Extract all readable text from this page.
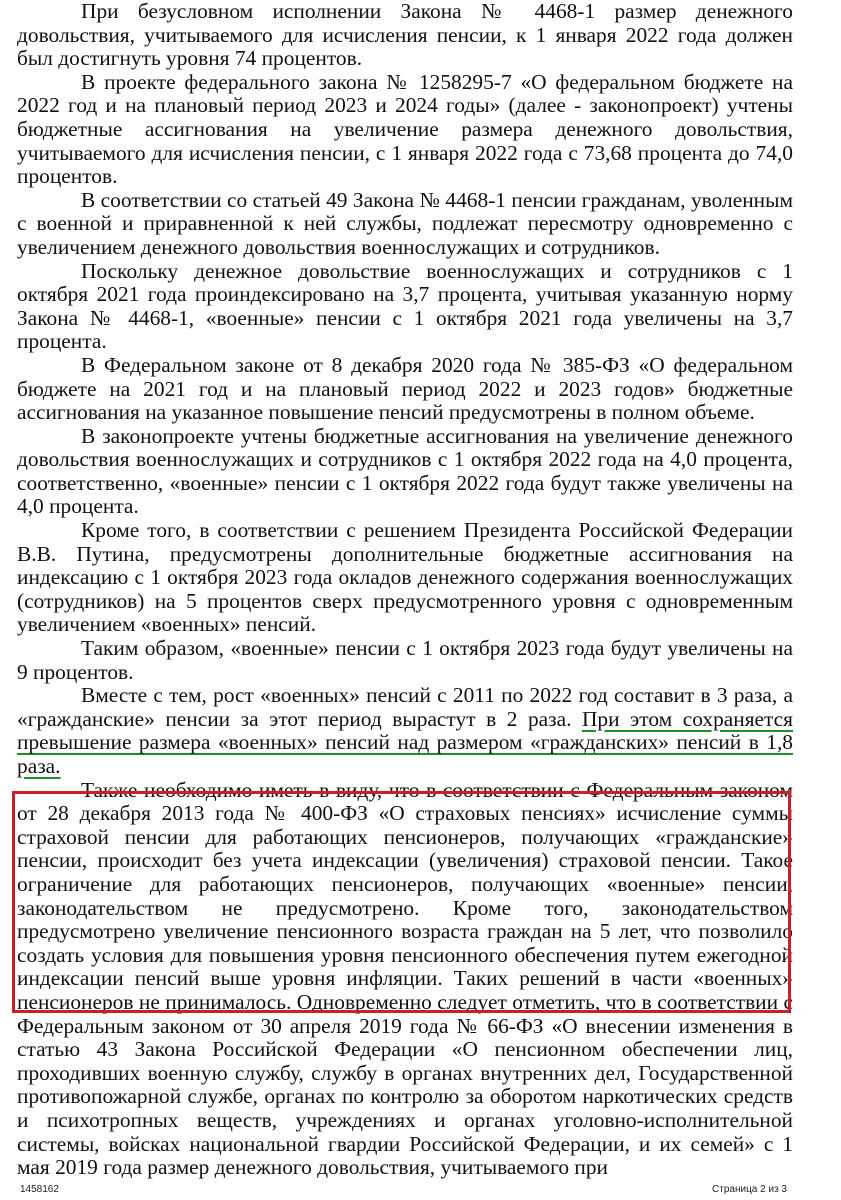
При безусловном исполнении Закона № 4468-1 размер денежного довольствия, учитываемого для исчисления пенсии, к 1 января 2022 года должен был достигнуть уровня 74 процентов.

В проекте федерального закона № 1258295-7 «О федеральном бюджете на 2022 год и на плановый период 2023 и 2024 годы» (далее - законопроект) учтены бюджетные ассигнования на увеличение размера денежного довольствия, учитываемого для исчисления пенсии, с 1 января 2022 года с 73,68 процента до 74,0 процентов.

В соответствии со статьей 49 Закона № 4468-1 пенсии гражданам, уволенным с военной и приравненной к ней службы, подлежат пересмотру одновременно с увеличением денежного довольствия военнослужащих и сотрудников.

Поскольку денежное довольствие военнослужащих и сотрудников с 1 октября 2021 года проиндексировано на 3,7 процента, учитывая указанную норму Закона № 4468-1, «военные» пенсии с 1 октября 2021 года увеличены на 3,7 процента.

В Федеральном законе от 8 декабря 2020 года № 385-ФЗ «О федеральном бюджете на 2021 год и на плановый период 2022 и 2023 годов» бюджетные ассигнования на указанное повышение пенсий предусмотрены в полном объеме.

В законопроекте учтены бюджетные ассигнования на увеличение денежного довольствия военнослужащих и сотрудников с 1 октября 2022 года на 4,0 процента, соответственно, «военные» пенсии с 1 октября 2022 года будут также увеличены на 4,0 процента.

Кроме того, в соответствии с решением Президента Российской Федерации В.В. Путина, предусмотрены дополнительные бюджетные ассигнования на индексацию с 1 октября 2023 года окладов денежного содержания военнослужащих (сотрудников) на 5 процентов сверх предусмотренного уровня с одновременным увеличением «военных» пенсий.

Таким образом, «военные» пенсии с 1 октября 2023 года будут увеличены на 9 процентов.

Вместе с тем, рост «военных» пенсий с 2011 по 2022 год составит в 3 раза, а «гражданские» пенсии за этот период вырастут в 2 раза. При этом сохраняется превышение размера «военных» пенсий над размером «гражданских» пенсий в 1,8 раза.

Также необходимо иметь в виду, что в соответствии с Федеральным законом от 28 декабря 2013 года № 400-ФЗ «О страховых пенсиях» исчисление суммы страховой пенсии для работающих пенсионеров, получающих «гражданские» пенсии, происходит без учета индексации (увеличения) страховой пенсии. Такое ограничение для работающих пенсионеров, получающих «военные» пенсии, законодательством не предусмотрено. Кроме того, законодательством предусмотрено увеличение пенсионного возраста граждан на 5 лет, что позволило создать условия для повышения уровня пенсионного обеспечения путем ежегодной индексации пенсий выше уровня инфляции. Таких решений в части «военных» пенсионеров не принималось. Одновременно следует отметить, что в соответствии с Федеральным законом от 30 апреля 2019 года № 66-ФЗ «О внесении изменения в статью 43 Закона Российской Федерации «О пенсионном обеспечении лиц, проходивших военную службу, службу в органах внутренних дел, Государственной противопожарной службе, органах по контролю за оборотом наркотических средств и психотропных веществ, учреждениях и органах уголовно-исполнительной системы, войсках национальной гвардии Российской Федерации, и их семей» с 1 мая 2019 года размер денежного довольствия, учитываемого при

1458162	Страница 2 из 3
